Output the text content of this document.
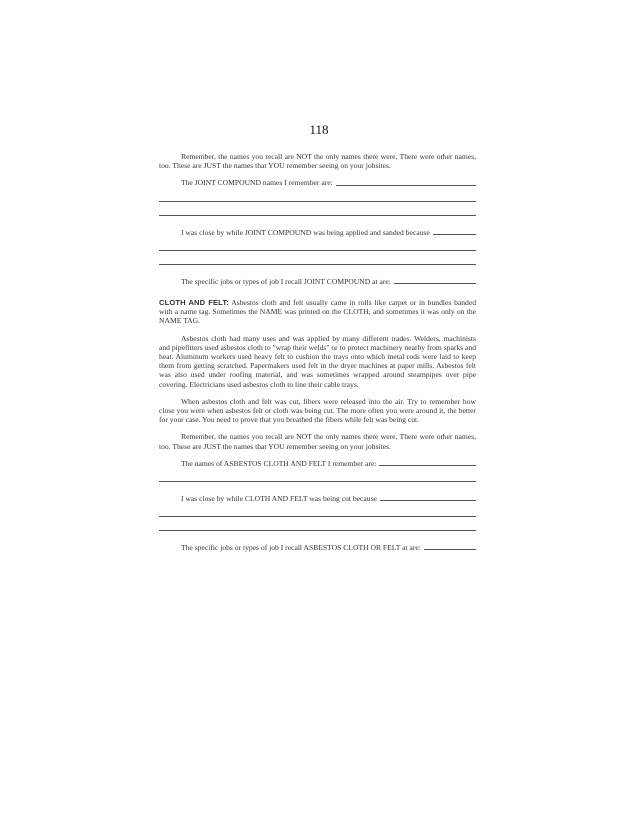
118

Remember, the names you recall are NOT the only names there were. There were other names, too. These are JUST the names that YOU remember seeing on your jobsites.

The JOINT COMPOUND names I remember are:
I was close by while JOINT COMPOUND was being applied and sanded because
The specific jobs or types of job I recall JOINT COMPOUND at are:

CLOTH AND FELT: Asbestos cloth and felt usually came in rolls like carpet or in bundles banded with a name tag. Sometimes the NAME was printed on the CLOTH, and sometimes it was only on the NAME TAG.

Asbestos cloth had many uses and was applied by many different trades. Welders, machinists and pipefitters used asbestos cloth to "wrap their welds" or to protect machinery nearby from sparks and heat. Aluminum workers used heavy felt to cushion the trays onto which metal rods were laid to keep them from getting scratched. Papermakers used felt in the dryer machines at paper mills. Asbestos felt was also used under roofing material, and was sometimes wrapped around steampipes over pipe covering. Electricians used asbestos cloth to line their cable trays.

When asbestos cloth and felt was cut, fibers were released into the air. Try to remember how close you were when asbestos felt or cloth was being cut. The more often you were around it, the better for your case. You need to prove that you breathed the fibers while felt was being cut.

Remember, the names you recall are NOT the only names there were. There were other names, too. These are JUST the names that YOU remember seeing on your jobsites.

The names of ASBESTOS CLOTH AND FELT I remember are:
I was close by while CLOTH AND FELT was being cut because
The specific jobs or types of job I recall ASBESTOS CLOTH OR FELT at are:
